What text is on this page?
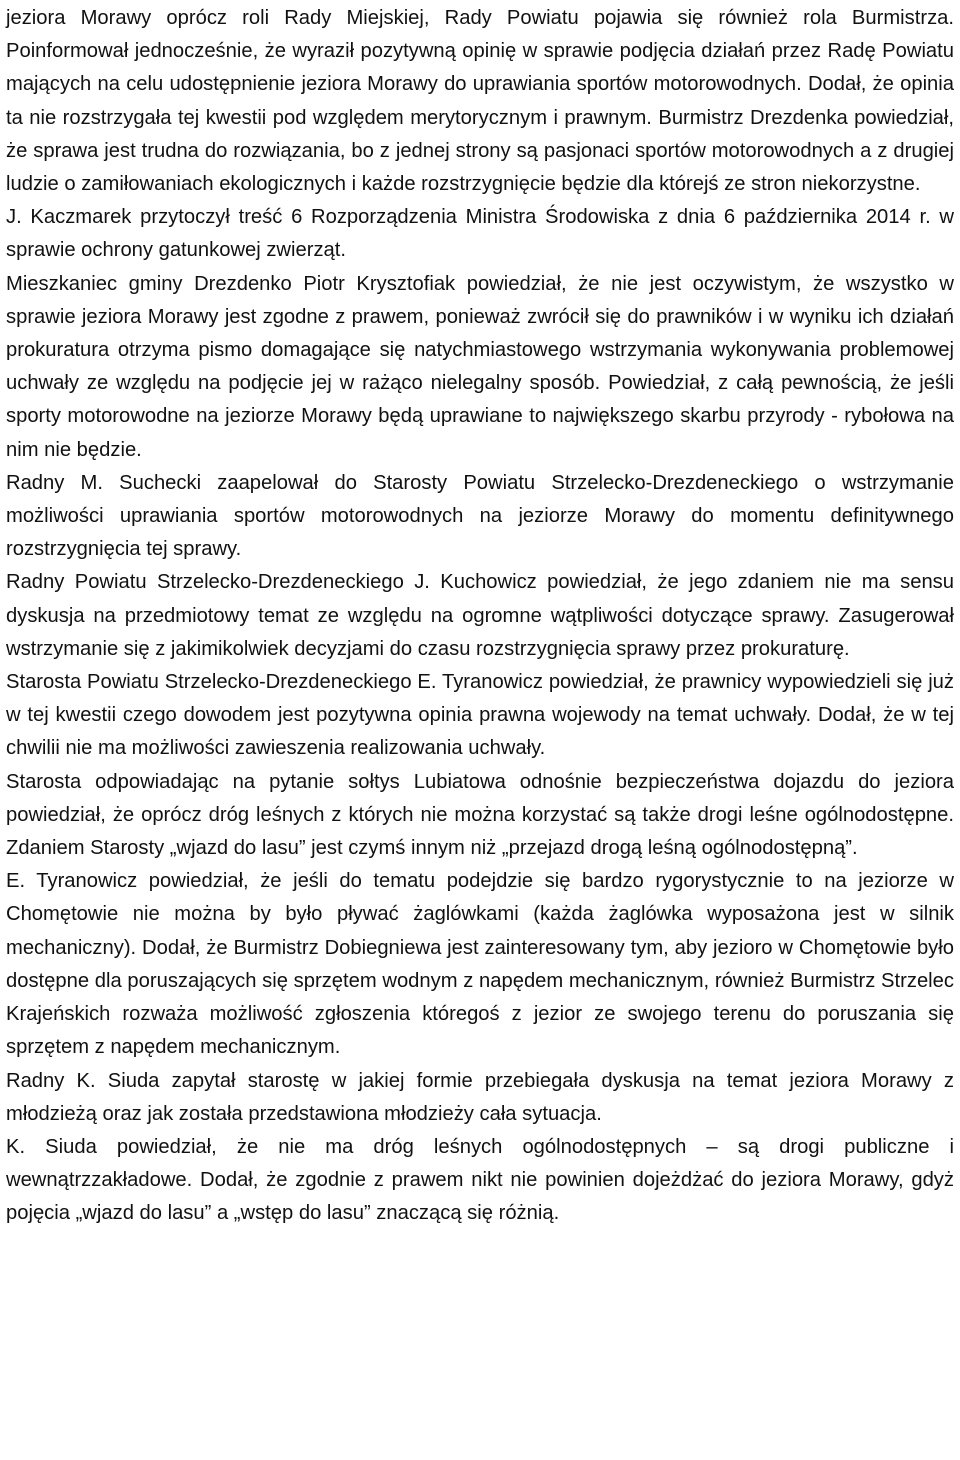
jeziora Morawy oprócz roli Rady Miejskiej, Rady Powiatu pojawia się również rola Burmistrza. Poinformował jednocześnie, że wyraził pozytywną opinię w sprawie podjęcia działań przez Radę Powiatu mających na celu udostępnienie jeziora Morawy do uprawiania sportów motorowodnych. Dodał, że opinia ta nie rozstrzygała tej kwestii pod względem merytorycznym i prawnym. Burmistrz Drezdenka powiedział, że sprawa jest trudna do rozwiązania, bo z jednej strony są pasjonaci sportów motorowodnych a z drugiej ludzie o zamiłowaniach ekologicznych i każde rozstrzygnięcie będzie dla którejś ze stron niekorzystne.

J. Kaczmarek przytoczył treść 6 Rozporządzenia Ministra Środowiska z dnia 6 października 2014 r. w sprawie ochrony gatunkowej zwierząt.

Mieszkaniec gminy Drezdenko Piotr Krysztofiak powiedział, że nie jest oczywistym, że wszystko w sprawie jeziora Morawy jest zgodne z prawem, ponieważ zwrócił się do prawników i w wyniku ich działań prokuratura otrzyma pismo domagające się natychmiastowego wstrzymania wykonywania problemowej uchwały ze względu na podjęcie jej w rażąco nielegalny sposób. Powiedział, z całą pewnością, że jeśli sporty motorowodne na jeziorze Morawy będą uprawiane to największego skarbu przyrody - rybołowa na nim nie będzie.

Radny M. Suchecki zaapelował do Starosty Powiatu Strzelecko-Drezdeneckiego o wstrzymanie możliwości uprawiania sportów motorowodnych na jeziorze Morawy do momentu definitywnego rozstrzygnięcia tej sprawy.

Radny Powiatu Strzelecko-Drezdeneckiego J. Kuchowicz powiedział, że jego zdaniem nie ma sensu dyskusja na przedmiotowy temat ze względu na ogromne wątpliwości dotyczące sprawy. Zasugerował wstrzymanie się z jakimikolwiek decyzjami do czasu rozstrzygnięcia sprawy przez prokuraturę.

Starosta Powiatu Strzelecko-Drezdeneckiego E. Tyranowicz powiedział, że prawnicy wypowiedzieli się już w tej kwestii czego dowodem jest pozytywna opinia prawna wojewody na temat uchwały. Dodał, że w tej chwilii nie ma możliwości zawieszenia realizowania uchwały.

Starosta odpowiadając na pytanie sołtys Lubiatowa odnośnie bezpieczeństwa dojazdu do jeziora powiedział, że oprócz dróg leśnych z których nie można korzystać są także drogi leśne ogólnodostępne. Zdaniem Starosty „wjazd do lasu” jest czymś innym niż „przejazd drogą leśną ogólnodostępną”.

E. Tyranowicz powiedział, że jeśli do tematu podejdzie się bardzo rygorystycznie to na jeziorze w Chomętowie nie można by było pływać żaglówkami (każda żaglówka wyposażona jest w silnik mechaniczny). Dodał, że Burmistrz Dobiegniewa jest zainteresowany tym, aby jezioro w Chomętowie było dostępne dla poruszających się sprzętem wodnym z napędem mechanicznym, również Burmistrz Strzelec Krajeńskich rozważa możliwość zgłoszenia któregoś z jezior ze swojego terenu do poruszania się sprzętem z napędem mechanicznym.

Radny K. Siuda zapytał starostę w jakiej formie przebiegała dyskusja na temat jeziora Morawy z młodzieżą oraz jak została przedstawiona młodzieży cała sytuacja.

K. Siuda powiedział, że nie ma dróg leśnych ogólnodostępnych – są drogi publiczne i wewnątrzzakładowe. Dodał, że zgodnie z prawem nikt nie powinien dojeżdżać do jeziora Morawy, gdyż pojęcia „wjazd do lasu” a „wstęp do lasu” znaczącą się różnią.
